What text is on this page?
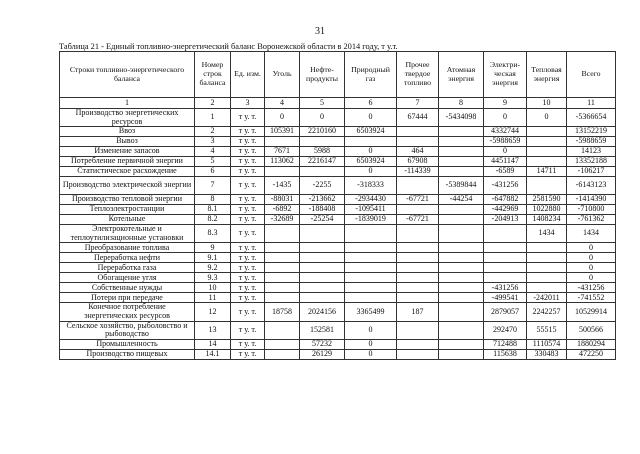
31
Таблица 21 - Единый топливно-энергетический баланс Воронежской области в 2014 году, т у.т.
Строки топливно-энергетического баланса	Номер строк баланса	Ед. изм.	Уголь	Нефте-продукты	Природный газ	Прочее твердое топливо	Атомная энергия	Электри-ческая энергия	Тепловая энергия	Всего
1	2	3	4	5	6	7	8	9	10	11
Производство энергетических ресурсов	1	т у. т.	0	0	0	67444	-5434098	0	0	-5366654
Ввоз	2	т у. т.	105391	2210160	6503924			4332744		13152219
Вывоз	3	т у. т.						-5988659		-5988659
Изменение запасов	4	т у. т.	7671	5988	0	464		0		14123
Потребление первичной энергии	5	т у. т.	113062	2216147	6503924	67908		4451147		13352188
Статистическое расхождение	6	т у. т.			0	-114339		-6589	14711	-106217
Производство электрической энергии	7	т у. т.	-1435	-2255	-318333		-5389844	-431256		-6143123
Производство тепловой энергии	8	т у. т.	-88031	-213662	-2934430	-67721	-44254	-647882	2581590	-1414390
Теплоэлектростанции	8.1	т у. т.	-6892	-188408	-1095411			-442969	1022880	-710800
Котельные	8.2	т у. т.	-32689	-25254	-1839019	-67721		-204913	1408234	-761362
Электрокотельные и теплоутилизационные установки	8.3	т у. т.							1434	1434
Преобразование топлива	9	т у. т.								0
Переработка нефти	9.1	т у. т.								0
Переработка газа	9.2	т у. т.								0
Обогащение угля	9.3	т у. т.								0
Собственные нужды	10	т у. т.						-431256		-431256
Потери при передаче	11	т у. т.						-499541	-242011	-741552
Конечное потребление энергетических ресурсов	12	т у. т.	18758	2024156	3365499	187		2879057	2242257	10529914
Сельское хозяйство, рыболовство и рыбоводство	13	т у. т.		152581	0			292470	55515	500566
Промышленность	14	т у. т.		57232	0			712488	1110574	1880294
Производство пищевых	14.1	т у. т.		26129	0			115638	330483	472250
